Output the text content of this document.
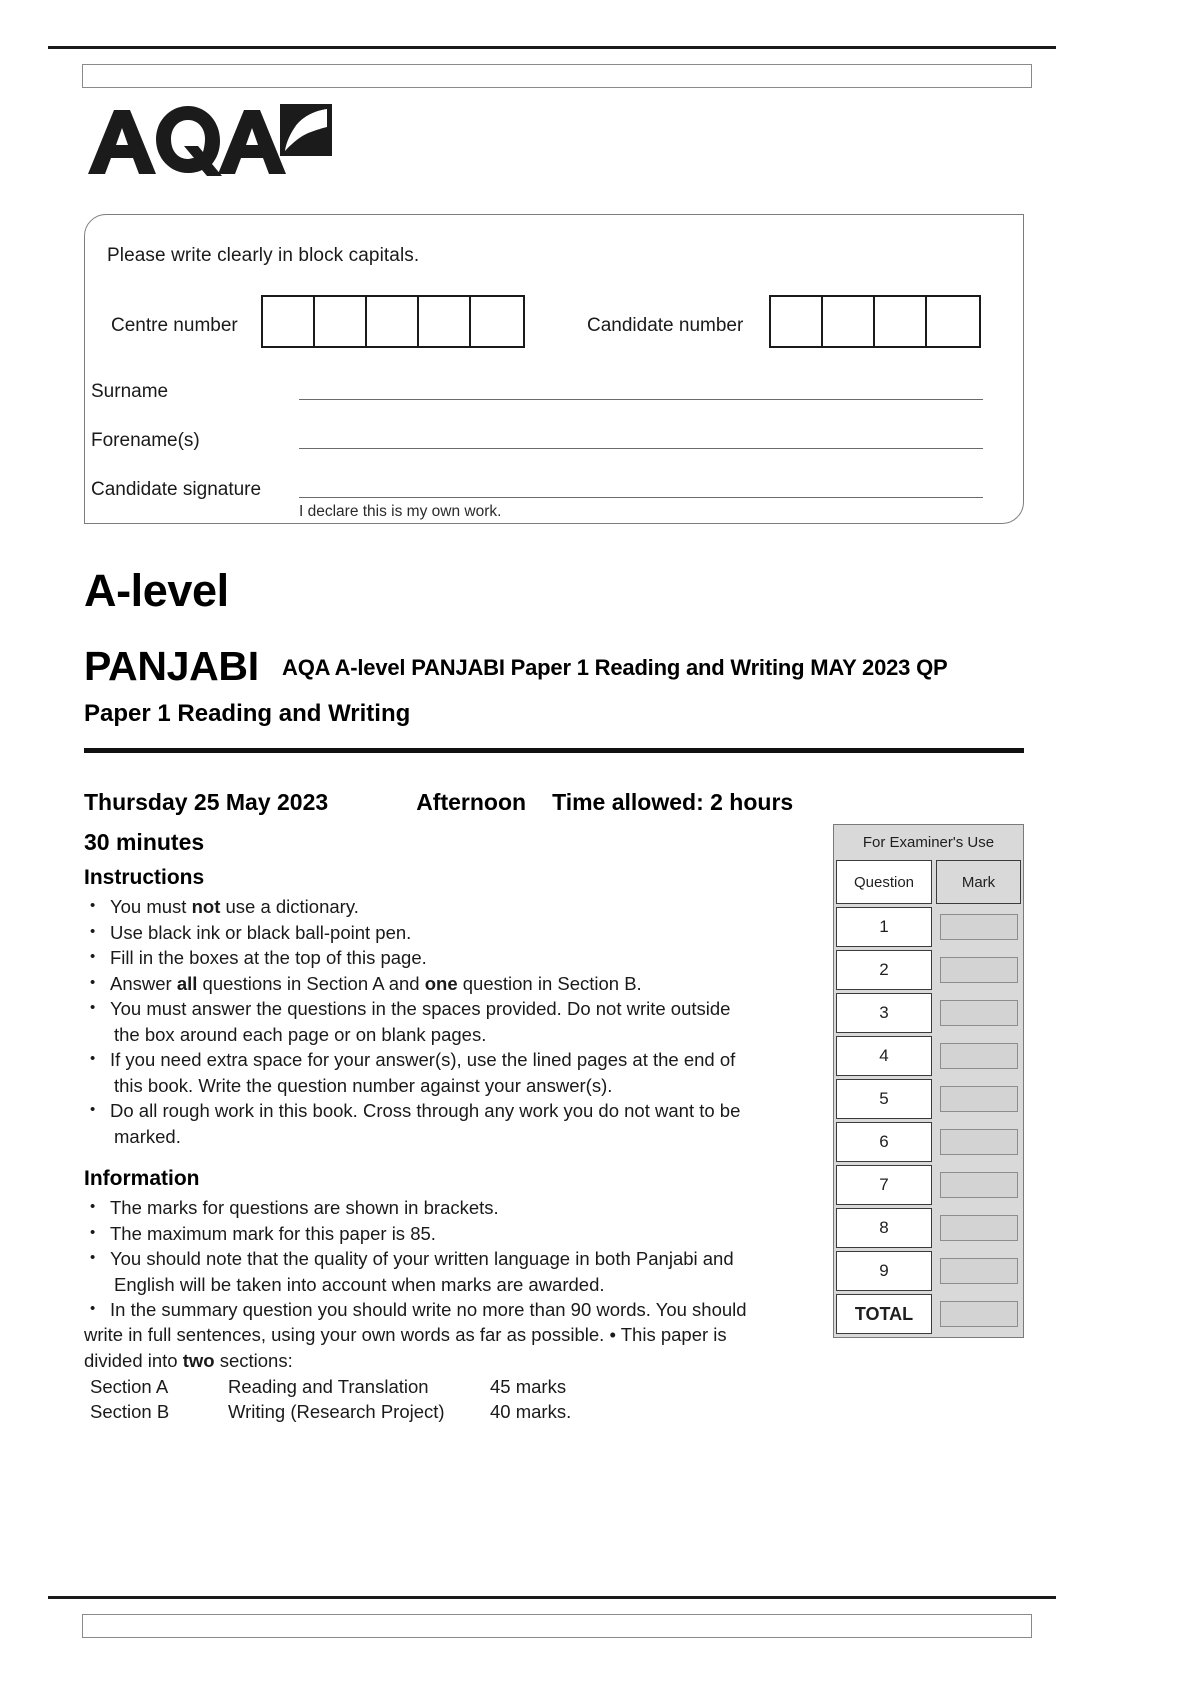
Please write clearly in block capitals.
Centre number	Candidate number
Surname
Forename(s)
Candidate signature
I declare this is my own work.
A-level
PANJABI AQA A-level PANJABI Paper 1 Reading and Writing MAY 2023 QP
Paper 1 Reading and Writing
Thursday 25 May 2023	Afternoon Time allowed: 2 hours
30 minutes
Instructions
• You must not use a dictionary.
• Use black ink or black ball-point pen.
• Fill in the boxes at the top of this page.
• Answer all questions in Section A and one question in Section B.
• You must answer the questions in the spaces provided. Do not write outside
the box around each page or on blank pages.
• If you need extra space for your answer(s), use the lined pages at the end of
this book. Write the question number against your answer(s).
• Do all rough work in this book. Cross through any work you do not want to be
marked.
Information
• The marks for questions are shown in brackets.
• The maximum mark for this paper is 85.
• You should note that the quality of your written language in both Panjabi and
English will be taken into account when marks are awarded.
• In the summary question you should write no more than 90 words. You should
write in full sentences, using your own words as far as possible. • This paper is
divided into two sections:
Section A	Reading and Translation	45 marks
Section B	Writing (Research Project)	40 marks.
For Examiner's Use
Question	Mark
1
2
3
4
5
6
7
8
9
TOTAL
